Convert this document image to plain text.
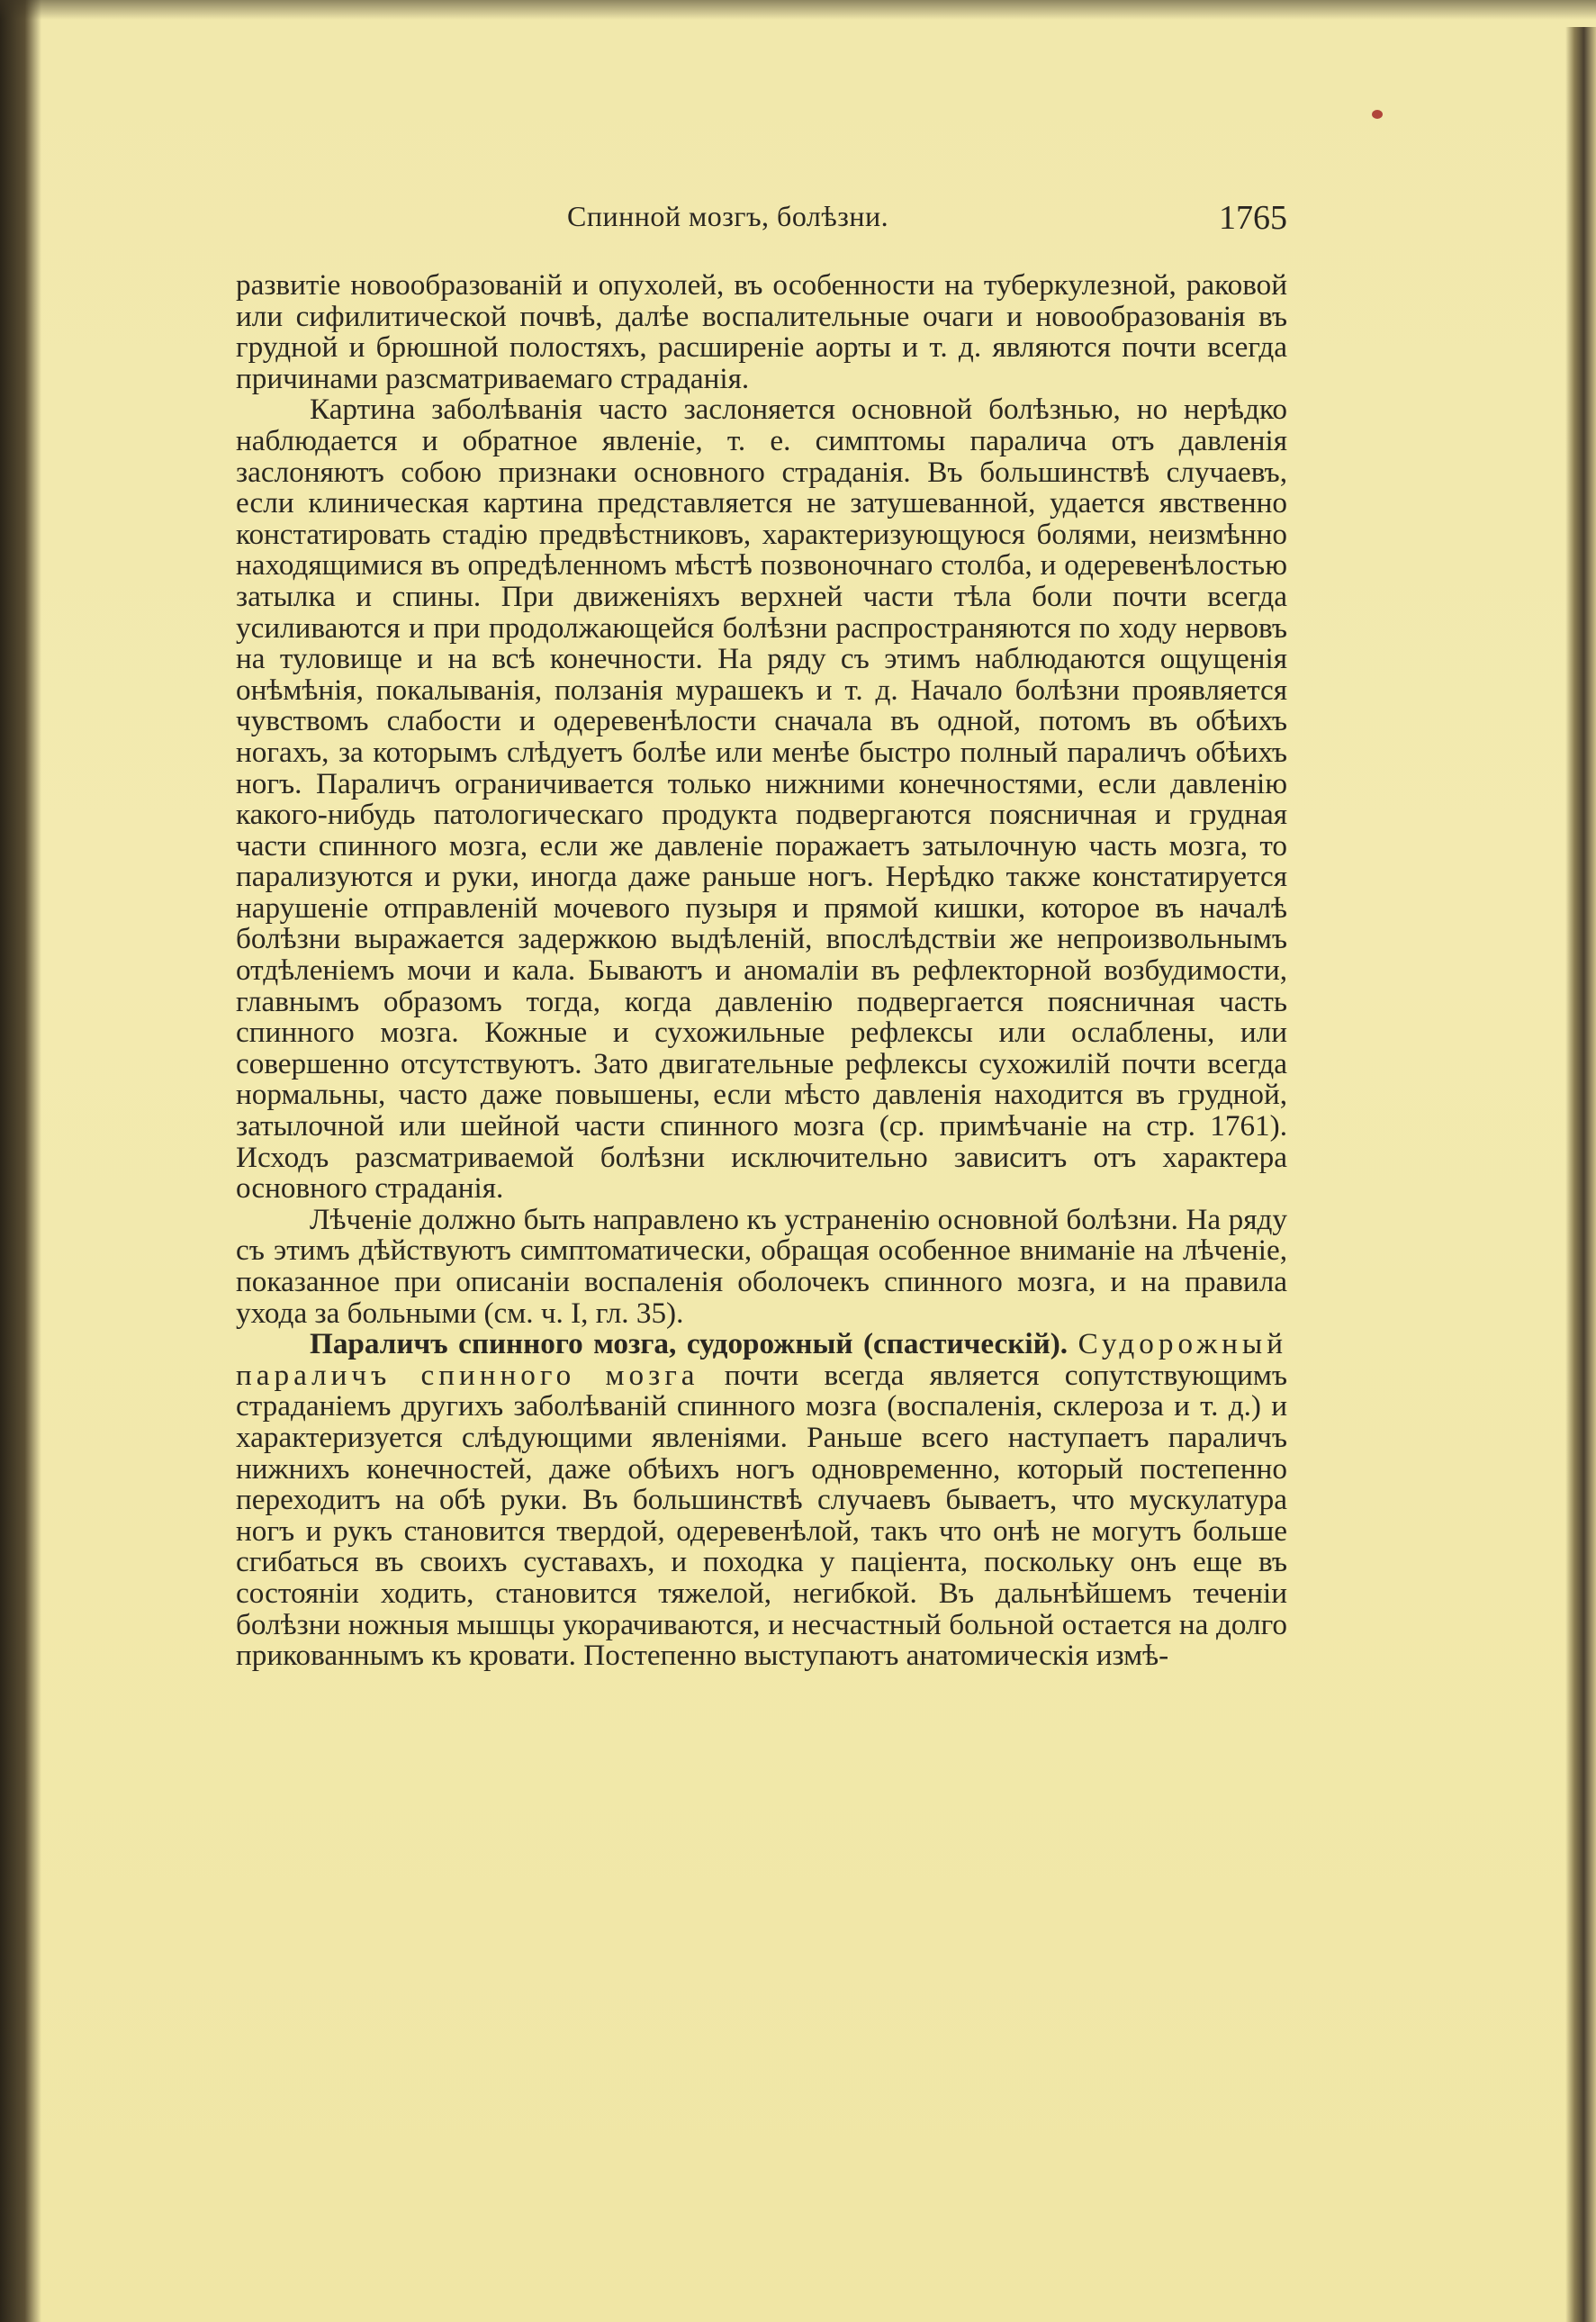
Спинной мозгъ, болѣзни.	1765

развитіе новообразованій и опухолей, въ особенности на туберкулезной, раковой или сифилитической почвѣ, далѣе воспалительные очаги и новообразованія въ грудной и брюшной полостяхъ, расширеніе аорты и т. д. являются почти всегда причинами разсматриваемаго страданія.

Картина заболѣванія часто заслоняется основной болѣзнью, но нерѣдко наблюдается и обратное явленіе, т. е. симптомы паралича отъ давленія заслоняютъ собою признаки основного страданія. Въ большинствѣ случаевъ, если клиническая картина представляется не затушеванной, удается явственно констатировать стадію предвѣстниковъ, характеризующуюся болями, неизмѣнно находящимися въ опредѣленномъ мѣстѣ позвоночнаго столба, и одеревенѣлостью затылка и спины. При движеніяхъ верхней части тѣла боли почти всегда усиливаются и при продолжающейся болѣзни распространяются по ходу нервовъ на туловище и на всѣ конечности. На ряду съ этимъ наблюдаются ощущенія онѣмѣнія, покалыванія, ползанія мурашекъ и т. д. Начало болѣзни проявляется чувствомъ слабости и одеревенѣлости сначала въ одной, потомъ въ обѣихъ ногахъ, за которымъ слѣдуетъ болѣе или менѣе быстро полный параличъ обѣихъ ногъ. Параличъ ограничивается только нижними конечностями, если давленію какого-нибудь патологическаго продукта подвергаются поясничная и грудная части спинного мозга, если же давленіе поражаетъ затылочную часть мозга, то парализуются и руки, иногда даже раньше ногъ. Нерѣдко также констатируется нарушеніе отправленій мочевого пузыря и прямой кишки, которое въ началѣ болѣзни выражается задержкою выдѣленій, впослѣдствіи же непроизвольнымъ отдѣленіемъ мочи и кала. Бываютъ и аномаліи въ рефлекторной возбудимости, главнымъ образомъ тогда, когда давленію подвергается поясничная часть спинного мозга. Кожные и сухожильные рефлексы или ослаблены, или совершенно отсутствуютъ. Зато двигательные рефлексы сухожилій почти всегда нормальны, часто даже повышены, если мѣсто давленія находится въ грудной, затылочной или шейной части спинного мозга (ср. примѣчаніе на стр. 1761). Исходъ разсматриваемой болѣзни исключительно зависитъ отъ характера основного страданія.

Лѣченіе должно быть направлено къ устраненію основной болѣзни. На ряду съ этимъ дѣйствуютъ симптоматически, обращая особенное вниманіе на лѣченіе, показанное при описаніи воспаленія оболочекъ спинного мозга, и на правила ухода за больными (см. ч. I, гл. 35).

Параличъ спинного мозга, судорожный (спастическій). Судорожный параличъ спинного мозга почти всегда является сопутствующимъ страданіемъ другихъ заболѣваній спинного мозга (воспаленія, склероза и т. д.) и характеризуется слѣдующими явленіями. Раньше всего наступаетъ параличъ нижнихъ конечностей, даже обѣихъ ногъ одновременно, который постепенно переходитъ на обѣ руки. Въ большинствѣ случаевъ бываетъ, что мускулатура ногъ и рукъ становится твердой, одеревенѣлой, такъ что онѣ не могутъ больше сгибаться въ своихъ суставахъ, и походка у паціента, поскольку онъ еще въ состояніи ходить, становится тяжелой, негибкой. Въ дальнѣйшемъ теченіи болѣзни ножныя мышцы укорачиваются, и несчастный больной остается на долго прикованнымъ къ кровати. Постепенно выступаютъ анатомическія измѣ-
